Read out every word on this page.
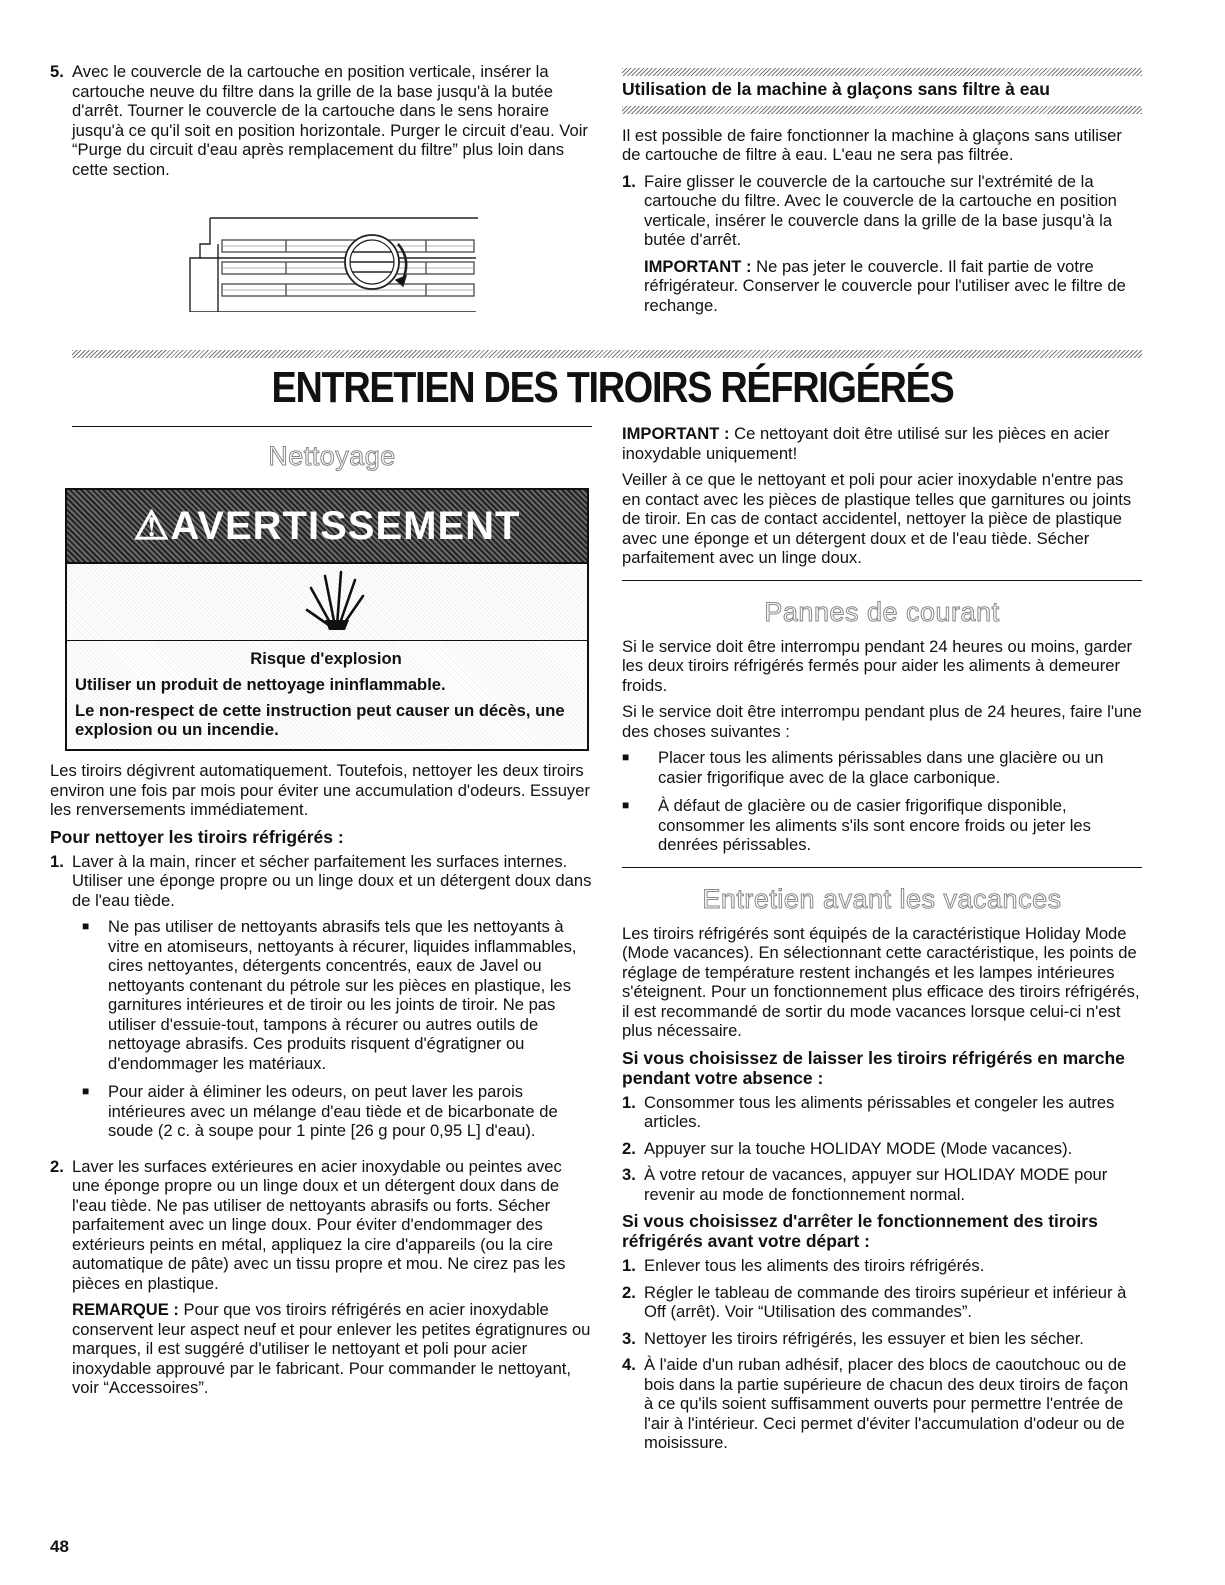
5. Avec le couvercle de la cartouche en position verticale, insérer la cartouche neuve du filtre dans la grille de la base jusqu'à la butée d'arrêt. Tourner le couvercle de la cartouche dans le sens horaire jusqu'à ce qu'il soit en position horizontale. Purger le circuit d'eau. Voir “Purge du circuit d'eau après remplacement du filtre” plus loin dans cette section.
Utilisation de la machine à glaçons sans filtre à eau

Il est possible de faire fonctionner la machine à glaçons sans utiliser de cartouche de filtre à eau. L'eau ne sera pas filtrée.

1. Faire glisser le couvercle de la cartouche sur l'extrémité de la cartouche du filtre. Avec le couvercle de la cartouche en position verticale, insérer le couvercle dans la grille de la base jusqu'à la butée d'arrêt.

IMPORTANT : Ne pas jeter le couvercle. Il fait partie de votre réfrigérateur. Conserver le couvercle pour l'utiliser avec le filtre de rechange.

ENTRETIEN DES TIROIRS RÉFRIGÉRÉS
Nettoyage
⚠AVERTISSEMENT
Risque d'explosion

Utiliser un produit de nettoyage ininflammable.

Le non-respect de cette instruction peut causer un décès, une explosion ou un incendie.

Les tiroirs dégivrent automatiquement. Toutefois, nettoyer les deux tiroirs environ une fois par mois pour éviter une accumulation d'odeurs. Essuyer les renversements immédiatement.

Pour nettoyer les tiroirs réfrigérés :
1. Laver à la main, rincer et sécher parfaitement les surfaces internes. Utiliser une éponge propre ou un linge doux et un détergent doux dans de l'eau tiède.

■	Ne pas utiliser de nettoyants abrasifs tels que les nettoyants à vitre en atomiseurs, nettoyants à récurer, liquides inflammables, cires nettoyantes, détergents concentrés, eaux de Javel ou nettoyants contenant du pétrole sur les pièces en plastique, les garnitures intérieures et de tiroir ou les joints de tiroir. Ne pas utiliser d'essuie-tout, tampons à récurer ou autres outils de nettoyage abrasifs. Ces produits risquent d'égratigner ou d'endommager les matériaux.
■	Pour aider à éliminer les odeurs, on peut laver les parois intérieures avec un mélange d'eau tiède et de bicarbonate de soude (2 c. à soupe pour 1 pinte [26 g pour 0,95 L] d'eau).
2. Laver les surfaces extérieures en acier inoxydable ou peintes avec une éponge propre ou un linge doux et un détergent doux dans de l'eau tiède. Ne pas utiliser de nettoyants abrasifs ou forts. Sécher parfaitement avec un linge doux. Pour éviter d'endommager des extérieurs peints en métal, appliquez la cire d'appareils (ou la cire automatique de pâte) avec un tissu propre et mou. Ne cirez pas les pièces en plastique.

REMARQUE : Pour que vos tiroirs réfrigérés en acier inoxydable conservent leur aspect neuf et pour enlever les petites égratignures ou marques, il est suggéré d'utiliser le nettoyant et poli pour acier inoxydable approuvé par le fabricant. Pour commander le nettoyant, voir “Accessoires”.

IMPORTANT : Ce nettoyant doit être utilisé sur les pièces en acier inoxydable uniquement!

Veiller à ce que le nettoyant et poli pour acier inoxydable n'entre pas en contact avec les pièces de plastique telles que garnitures ou joints de tiroir. En cas de contact accidentel, nettoyer la pièce de plastique avec une éponge et un détergent doux et de l'eau tiède. Sécher parfaitement avec un linge doux.

Pannes de courant

Si le service doit être interrompu pendant 24 heures ou moins, garder les deux tiroirs réfrigérés fermés pour aider les aliments à demeurer froids.

Si le service doit être interrompu pendant plus de 24 heures, faire l'une des choses suivantes :

■	Placer tous les aliments périssables dans une glacière ou un casier frigorifique avec de la glace carbonique.
■	À défaut de glacière ou de casier frigorifique disponible, consommer les aliments s'ils sont encore froids ou jeter les denrées périssables.
Entretien avant les vacances

Les tiroirs réfrigérés sont équipés de la caractéristique Holiday Mode (Mode vacances). En sélectionnant cette caractéristique, les points de réglage de température restent inchangés et les lampes intérieures s'éteignent. Pour un fonctionnement plus efficace des tiroirs réfrigérés, il est recommandé de sortir du mode vacances lorsque celui-ci n'est plus nécessaire.

Si vous choisissez de laisser les tiroirs réfrigérés en marche pendant votre absence :
1. Consommer tous les aliments périssables et congeler les autres articles.
2. Appuyer sur la touche HOLIDAY MODE (Mode vacances).
3. À votre retour de vacances, appuyer sur HOLIDAY MODE pour revenir au mode de fonctionnement normal.
Si vous choisissez d'arrêter le fonctionnement des tiroirs réfrigérés avant votre départ :
1. Enlever tous les aliments des tiroirs réfrigérés.
2. Régler le tableau de commande des tiroirs supérieur et inférieur à Off (arrêt). Voir “Utilisation des commandes”.
3. Nettoyer les tiroirs réfrigérés, les essuyer et bien les sécher.
4. À l'aide d'un ruban adhésif, placer des blocs de caoutchouc ou de bois dans la partie supérieure de chacun des deux tiroirs de façon à ce qu'ils soient suffisamment ouverts pour permettre l'entrée de l'air à l'intérieur. Ceci permet d'éviter l'accumulation d'odeur ou de moisissure.
48
